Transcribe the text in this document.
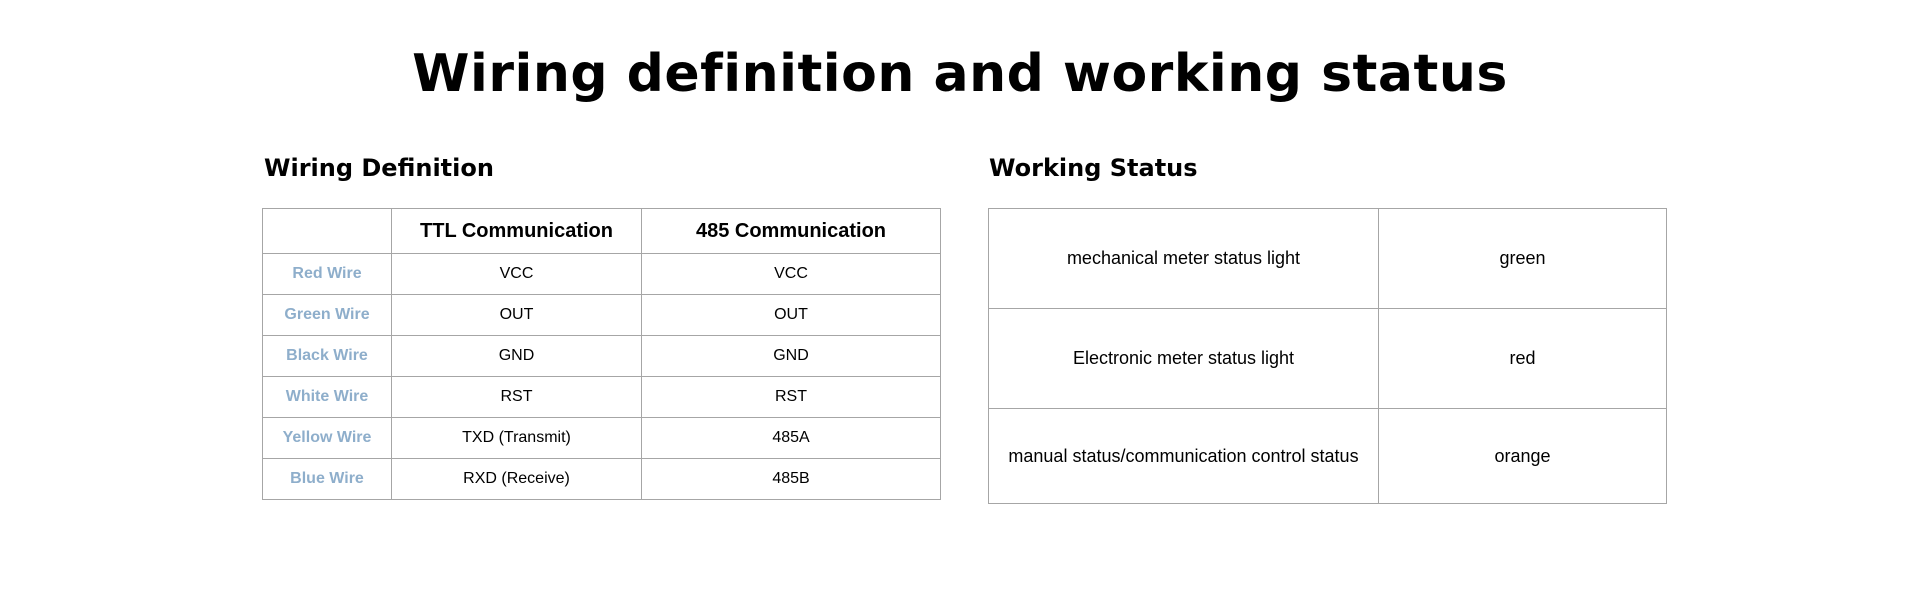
Wiring definition and working status
Wiring Definition
	TTL Communication	485 Communication
Red Wire	VCC	VCC
Green Wire	OUT	OUT
Black Wire	GND	GND
White Wire	RST	RST
Yellow Wire	TXD (Transmit)	485A
Blue Wire	RXD (Receive)	485B
Working Status
mechanical meter status light	green
Electronic meter status light	red
manual status/communication control status	orange
